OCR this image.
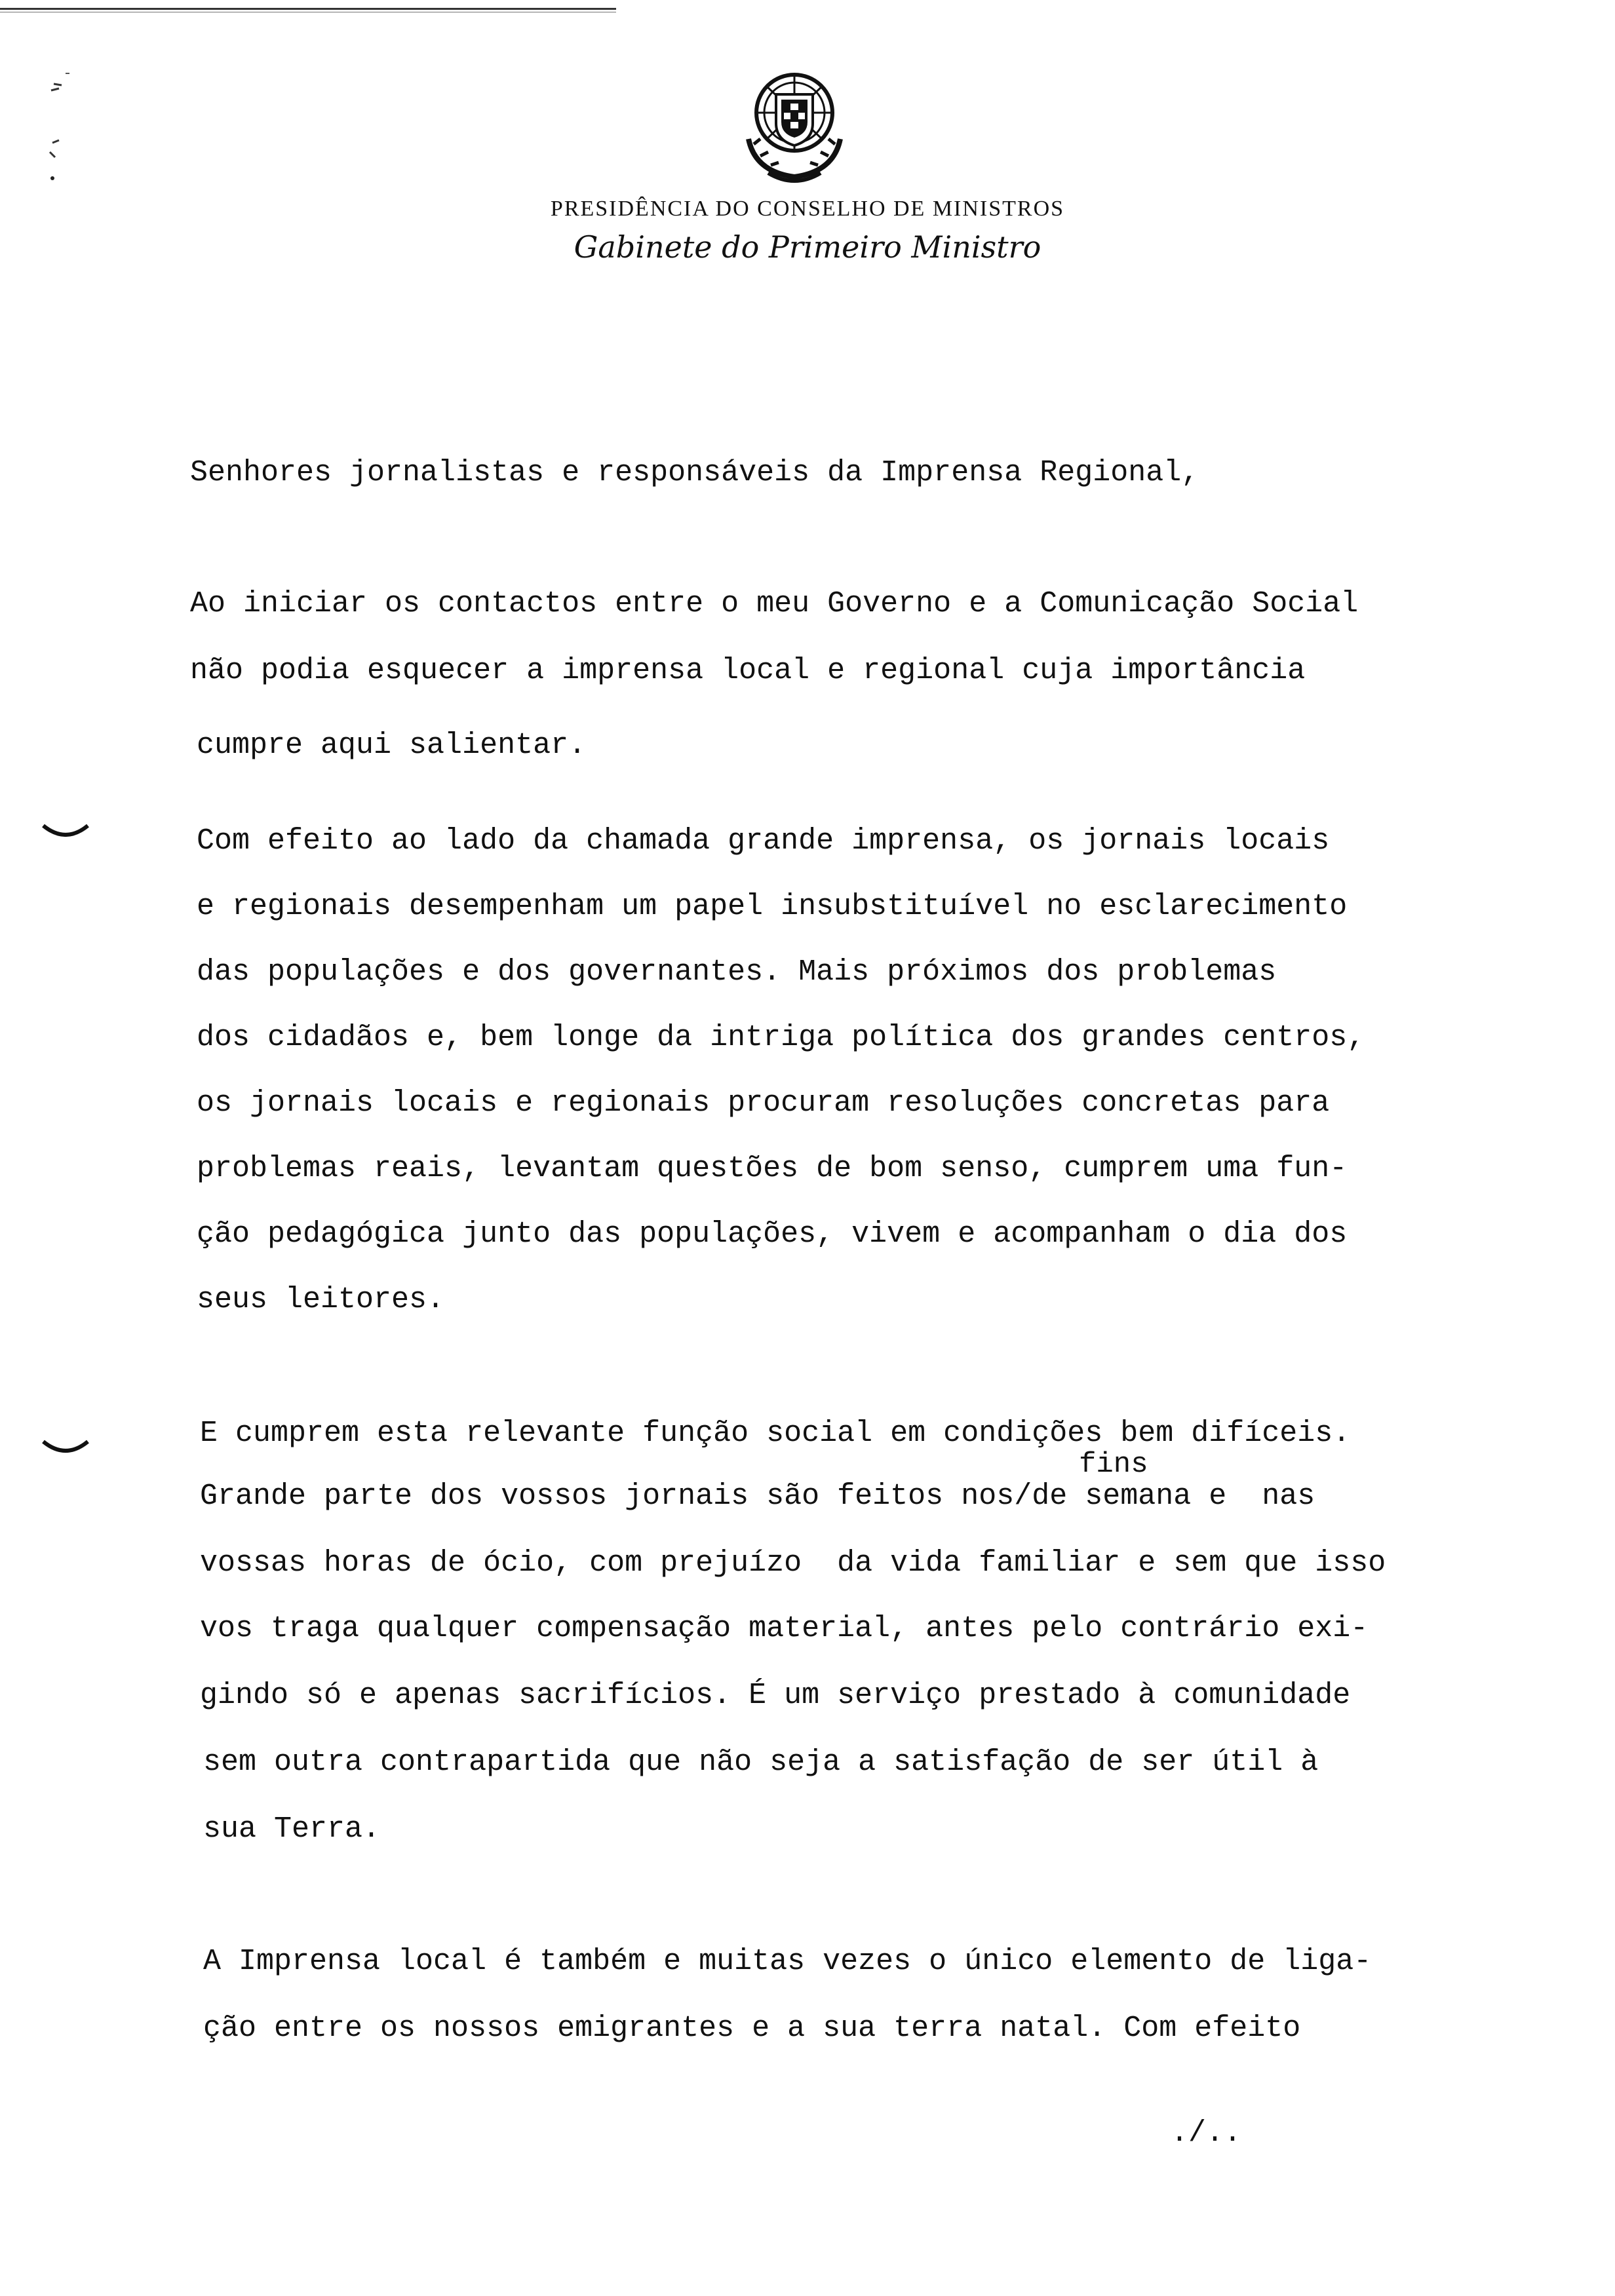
PRESIDÊNCIA DO CONSELHO DE MINISTROS
Gabinete do Primeiro Ministro
Senhores jornalistas e responsáveis da Imprensa Regional,
Ao iniciar os contactos entre o meu Governo e a Comunicação Social
não podia esquecer a imprensa local e regional cuja importância
cumpre aqui salientar.
Com efeito ao lado da chamada grande imprensa, os jornais locais
e regionais desempenham um papel insubstituível no esclarecimento
das populações e dos governantes. Mais próximos dos problemas
dos cidadãos e, bem longe da intriga política dos grandes centros,
os jornais locais e regionais procuram resoluções concretas para
problemas reais, levantam questões de bom senso, cumprem uma fun-
ção pedagógica junto das populações, vivem e acompanham o dia dos
seus leitores.
E cumprem esta relevante função social em condições bem difíceis.
fins
Grande parte dos vossos jornais são feitos nos/de semana e  nas
vossas horas de ócio, com prejuízo  da vida familiar e sem que isso
vos traga qualquer compensação material, antes pelo contrário exi-
gindo só e apenas sacrifícios. É um serviço prestado à comunidade
sem outra contrapartida que não seja a satisfação de ser útil à
sua Terra.
A Imprensa local é também e muitas vezes o único elemento de liga-
ção entre os nossos emigrantes e a sua terra natal. Com efeito
./..
